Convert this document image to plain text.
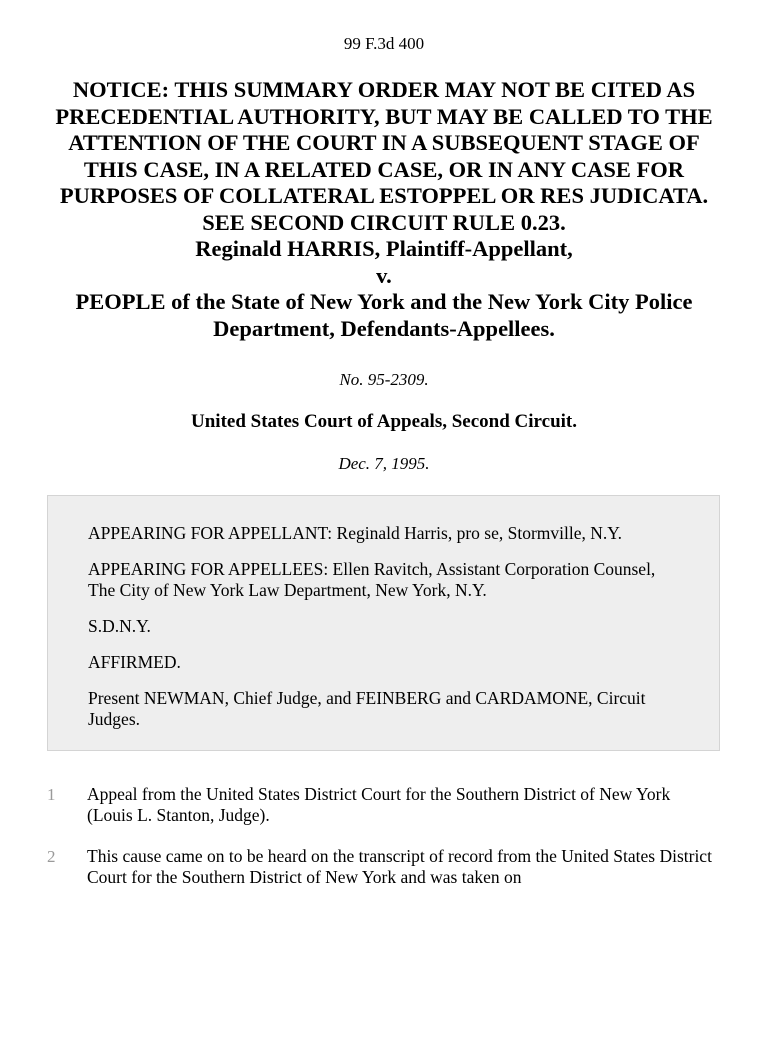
99 F.3d 400
NOTICE: THIS SUMMARY ORDER MAY NOT BE CITED AS PRECEDENTIAL AUTHORITY, BUT MAY BE CALLED TO THE ATTENTION OF THE COURT IN A SUBSEQUENT STAGE OF THIS CASE, IN A RELATED CASE, OR IN ANY CASE FOR PURPOSES OF COLLATERAL ESTOPPEL OR RES JUDICATA. SEE SECOND CIRCUIT RULE 0.23.
Reginald HARRIS, Plaintiff-Appellant,
v.
PEOPLE of the State of New York and the New York City Police
Department, Defendants-Appellees.
No. 95-2309.
United States Court of Appeals, Second Circuit.
Dec. 7, 1995.

APPEARING FOR APPELLANT: Reginald Harris, pro se, Stormville, N.Y.

APPEARING FOR APPELLEES: Ellen Ravitch, Assistant Corporation Counsel, The City of New York Law Department, New York, N.Y.

S.D.N.Y.

AFFIRMED.

Present NEWMAN, Chief Judge, and FEINBERG and CARDAMONE, Circuit Judges.

1 Appeal from the United States District Court for the Southern District of New York (Louis L. Stanton, Judge).
2 This cause came on to be heard on the transcript of record from the United States District Court for the Southern District of New York and was taken on
